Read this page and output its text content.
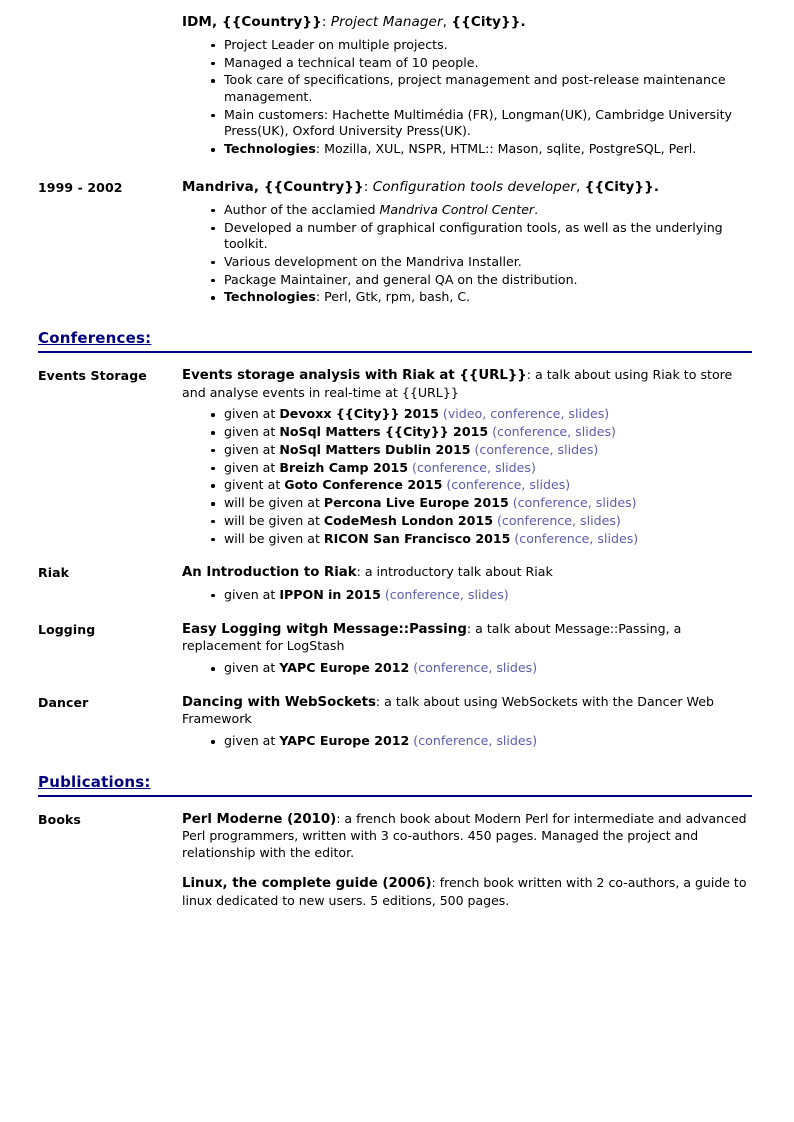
IDM, {{Country}}: Project Manager, {{City}}.

Project Leader on multiple projects.
Managed a technical team of 10 people.
Took care of specifications, project management and post-release maintenance management.
Main customers: Hachette Multimédia (FR), Longman(UK), Cambridge University Press(UK), Oxford University Press(UK).
Technologies: Mozilla, XUL, NSPR, HTML:: Mason, sqlite, PostgreSQL, Perl.
1999 - 2002	Mandriva, {{Country}}: Configuration tools developer, {{City}}.

Author of the acclamied Mandriva Control Center.
Developed a number of graphical configuration tools, as well as the underlying toolkit.
Various development on the Mandriva Installer.
Package Maintainer, and general QA on the distribution.
Technologies: Perl, Gtk, rpm, bash, C.
Conferences:
Events Storage	Events storage analysis with Riak at {{URL}}: a talk about using Riak to store and analyse events in real-time at {{URL}}

given at Devoxx {{City}} 2015 (video, conference, slides)
given at NoSql Matters {{City}} 2015 (conference, slides)
given at NoSql Matters Dublin 2015 (conference, slides)
given at Breizh Camp 2015 (conference, slides)
givent at Goto Conference 2015 (conference, slides)
will be given at Percona Live Europe 2015 (conference, slides)
will be given at CodeMesh London 2015 (conference, slides)
will be given at RICON San Francisco 2015 (conference, slides)
Riak	An Introduction to Riak: a introductory talk about Riak

given at IPPON in 2015 (conference, slides)
Logging	Easy Logging witgh Message::Passing: a talk about Message::Passing, a replacement for LogStash

given at YAPC Europe 2012 (conference, slides)
Dancer	Dancing with WebSockets: a talk about using WebSockets with the Dancer Web Framework

given at YAPC Europe 2012 (conference, slides)
Publications:
Books	Perl Moderne (2010): a french book about Modern Perl for intermediate and advanced Perl programmers, written with 3 co-authors. 450 pages. Managed the project and relationship with the editor.
Linux, the complete guide (2006): french book written with 2 co-authors, a guide to linux dedicated to new users. 5 editions, 500 pages.
